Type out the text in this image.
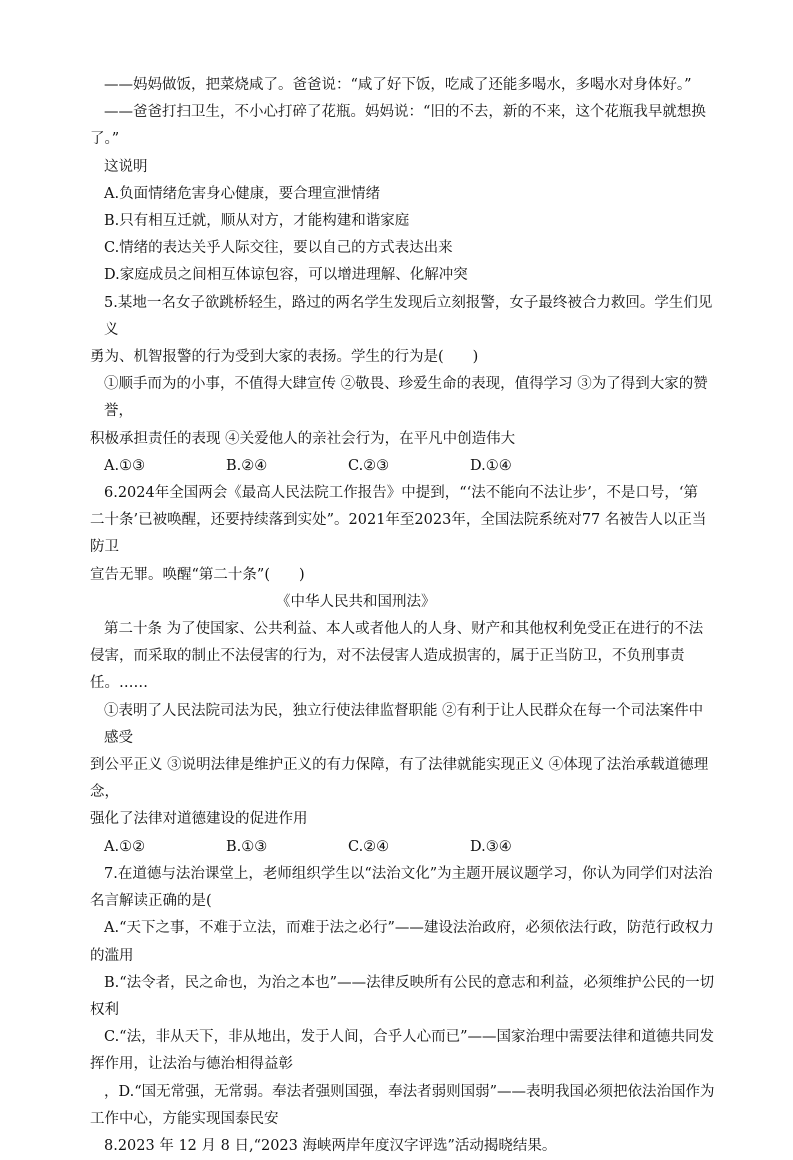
——妈妈做饭，把菜烧咸了。爸爸说：“咸了好下饭，吃咸了还能多喝水，多喝水对身体好。”

——爸爸打扫卫生，不小心打碎了花瓶。妈妈说：“旧的不去，新的不来，这个花瓶我早就想换

了。”

这说明

A.负面情绪危害身心健康，要合理宣泄情绪

B.只有相互迁就，顺从对方，才能构建和谐家庭

C.情绪的表达关乎人际交往，要以自己的方式表达出来

D.家庭成员之间相互体谅包容，可以增进理解、化解冲突

5.某地一名女子欲跳桥轻生，路过的两名学生发现后立刻报警，女子最终被合力救回。学生们见义

勇为、机智报警的行为受到大家的表扬。学生的行为是(　　)

①顺手而为的小事，不值得大肆宣传 ②敬畏、珍爱生命的表现，值得学习 ③为了得到大家的赞誉，

积极承担责任的表现 ④关爱他人的亲社会行为，在平凡中创造伟大

A.①③	B.②④	C.②③	D.①④

6.2024年全国两会《最高人民法院工作报告》中提到，“‘法不能向不法让步’，不是口号，‘第

二十条’已被唤醒，还要持续落到实处”。2021年至2023年，全国法院系统对77 名被告人以正当防卫

宣告无罪。唤醒“第二十条”(　　)

《中华人民共和国刑法》

第二十条 为了使国家、公共利益、本人或者他人的人身、财产和其他权利免受正在进行的不法

侵害，而采取的制止不法侵害的行为，对不法侵害人造成损害的，属于正当防卫，不负刑事责

任。……

①表明了人民法院司法为民，独立行使法律监督职能 ②有利于让人民群众在每一个司法案件中感受

到公平正义 ③说明法律是维护正义的有力保障，有了法律就能实现正义 ④体现了法治承载道德理念，

强化了法律对道德建设的促进作用

A.①②	B.①③	C.②④	D.③④

7.在道德与法治课堂上，老师组织学生以“法治文化”为主题开展议题学习，你认为同学们对法治

名言解读正确的是(

A.“天下之事，不难于立法，而难于法之必行”——建设法治政府，必须依法行政，防范行政权力

的滥用

B.“法令者，民之命也，为治之本也”——法律反映所有公民的意志和利益，必须维护公民的一切

权利

C.“法，非从天下，非从地出，发于人间，合乎人心而已”——国家治理中需要法律和道德共同发

挥作用，让法治与德治相得益彰

，D.“国无常强，无常弱。奉法者强则国强，奉法者弱则国弱”——表明我国必须把依法治国作为

工作中心，方能实现国泰民安

8.2023 年 12 月 8 日,“2023 海峡两岸年度汉字评选”活动揭晓结果。
